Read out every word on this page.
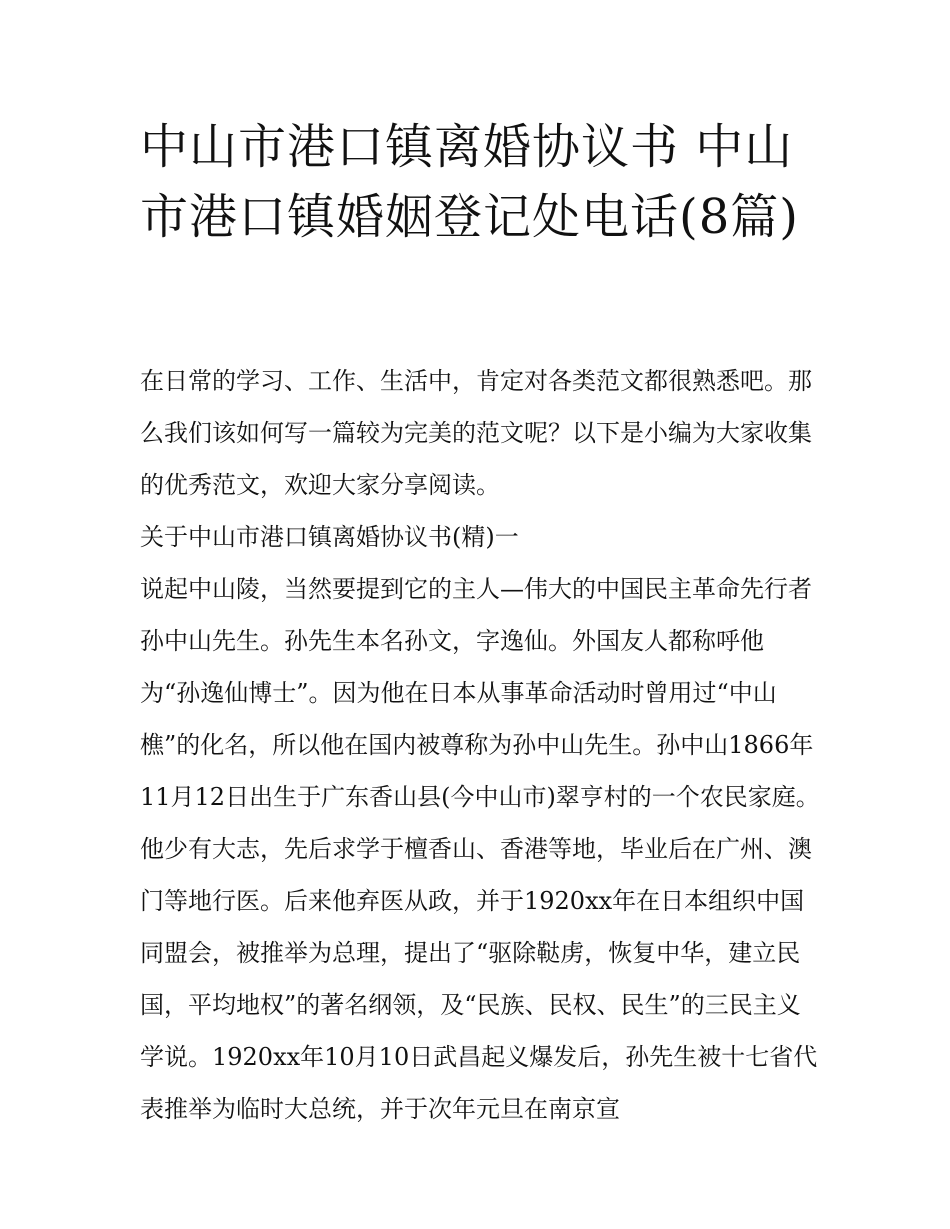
中山市港口镇离婚协议书 中山市港口镇婚姻登记处电话(8篇)

在日常的学习、工作、生活中，肯定对各类范文都很熟悉吧。那么我们该如何写一篇较为完美的范文呢？以下是小编为大家收集的优秀范文，欢迎大家分享阅读。

关于中山市港口镇离婚协议书(精)一

说起中山陵，当然要提到它的主人—伟大的中国民主革命先行者孙中山先生。孙先生本名孙文，字逸仙。外国友人都称呼他为“孙逸仙博士”。因为他在日本从事革命活动时曾用过“中山樵”的化名，所以他在国内被尊称为孙中山先生。孙中山1866年11月12日出生于广东香山县(今中山市)翠亨村的一个农民家庭。他少有大志，先后求学于檀香山、香港等地，毕业后在广州、澳门等地行医。后来他弃医从政，并于1920xx年在日本组织中国同盟会，被推举为总理，提出了“驱除鞑虏，恢复中华，建立民国，平均地权”的著名纲领，及“民族、民权、民生”的三民主义学说。1920xx年10月10日武昌起义爆发后，孙先生被十七省代表推举为临时大总统，并于次年元旦在南京宣
